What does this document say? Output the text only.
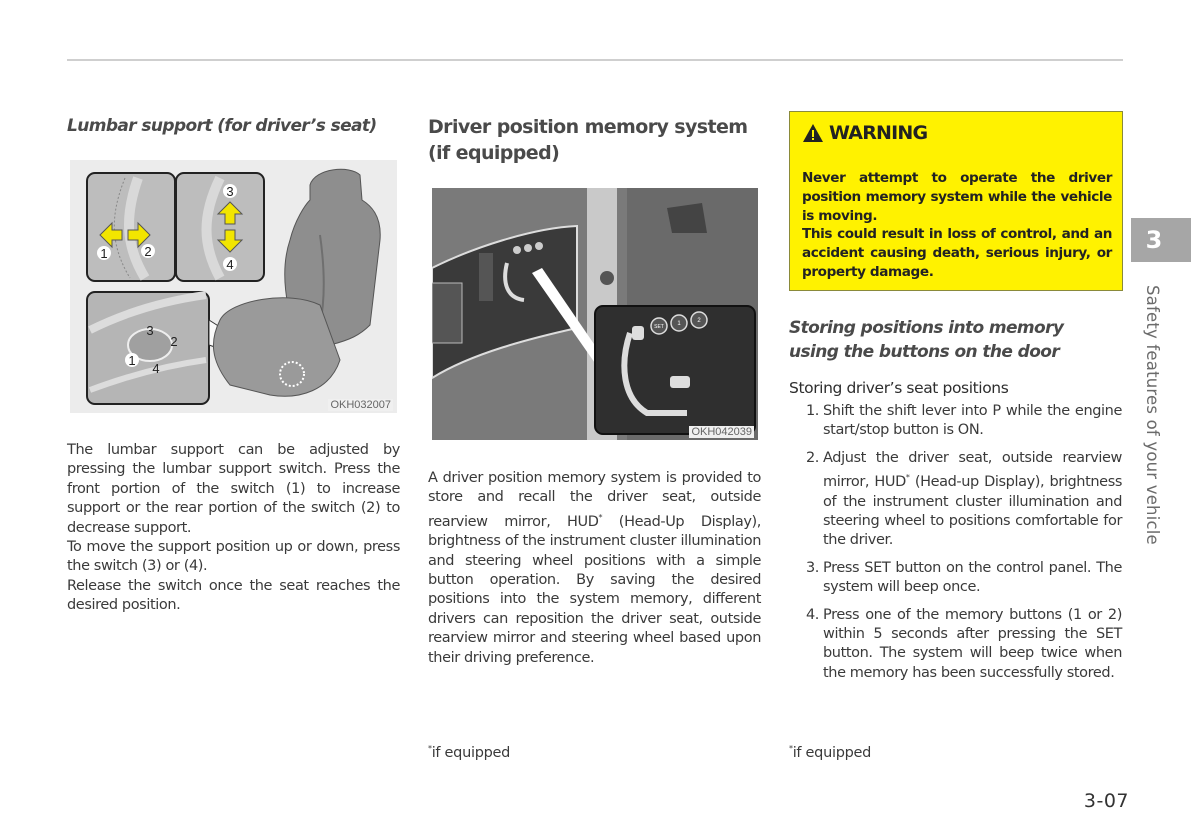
Lumbar support (for driver’s seat)
1	2
3
4
3
2
1
4
OKH032007

The lumbar support can be adjusted by pressing the lumbar support switch. Press the front portion of the switch (1) to increase support or the rear portion of the switch (2) to decrease support.

To move the support position up or down, press the switch (3) or (4).

Release the switch once the seat reaches the desired position.

Driver position memory system
(if equipped)
SET 1	2
OKH042039

A driver position memory system is provided to store and recall the driver seat, outside rearview mirror, HUD* (Head-Up Display), brightness of the instrument cluster illumination and steering wheel positions with a simple button operation. By saving the desired positions into the system memory, different drivers can reposition the driver seat, outside rearview mirror and steering wheel based upon their driving preference.

*if equipped
WARNING

Never attempt to operate the driver position memory system while the vehicle is moving.

This could result in loss of control, and an accident causing death, serious injury, or property damage.

Storing positions into memory
using the buttons on the door

Storing driver’s seat positions

1. Shift the shift lever into P while the engine start/stop button is ON.
2. Adjust the driver seat, outside rearview mirror, HUD* (Head-up Display), brightness of the instrument cluster illumination and steering wheel to positions comfortable for the driver.
3. Press SET button on the control panel. The system will beep once.
4. Press one of the memory buttons (1 or 2) within 5 seconds after pressing the SET button. The system will beep twice when the memory has been successfully stored.
*if equipped
3
Safety features of your vehicle
3-07
